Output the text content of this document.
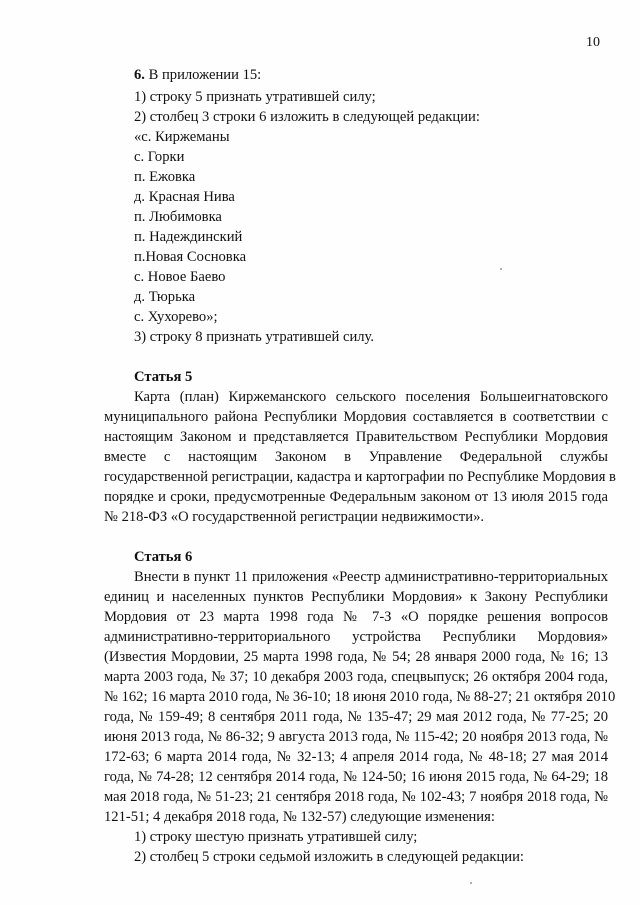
10
6. В приложении 15:
1) строку 5 признать утратившей силу;
2) столбец 3 строки 6 изложить в следующей редакции:
«с. Киржеманы
с. Горки
п. Ежовка
д. Красная Нива
п. Любимовка
п. Надеждинский
п.Новая Сосновка
с. Новое Баево
д. Тюрька
с. Хухорево»;
3) строку 8 признать утратившей силу.
Статья 5
Карта (план) Киржеманского сельского поселения Большеигнатовского
муниципального района Республики Мордовия составляется в соответствии с
настоящим Законом и представляется Правительством Республики Мордовия
вместе с настоящим Законом в Управление Федеральной службы
государственной регистрации, кадастра и картографии по Республике Мордовия в
порядке и сроки, предусмотренные Федеральным законом от 13 июля 2015 года
№ 218-ФЗ «О государственной регистрации недвижимости».
Статья 6
Внести в пункт 11 приложения «Реестр административно-территориальных
единиц и населенных пунктов Республики Мордовия» к Закону Республики
Мордовия от 23 марта 1998 года № 7-З «О порядке решения вопросов
административно-территориального устройства Республики Мордовия»
(Известия Мордовии, 25 марта 1998 года, № 54; 28 января 2000 года, № 16; 13
марта 2003 года, № 37; 10 декабря 2003 года, спецвыпуск; 26 октября 2004 года,
№ 162; 16 марта 2010 года, № 36-10; 18 июня 2010 года, № 88-27; 21 октября 2010
года, № 159-49; 8 сентября 2011 года, № 135-47; 29 мая 2012 года, № 77-25; 20
июня 2013 года, № 86-32; 9 августа 2013 года, № 115-42; 20 ноября 2013 года, №
172-63; 6 марта 2014 года, № 32-13; 4 апреля 2014 года, № 48-18; 27 мая 2014
года, № 74-28; 12 сентября 2014 года, № 124-50; 16 июня 2015 года, № 64-29; 18
мая 2018 года, № 51-23; 21 сентября 2018 года, № 102-43; 7 ноября 2018 года, №
121-51; 4 декабря 2018 года, № 132-57) следующие изменения:
1) строку шестую признать утратившей силу;
2) столбец 5 строки седьмой изложить в следующей редакции:
